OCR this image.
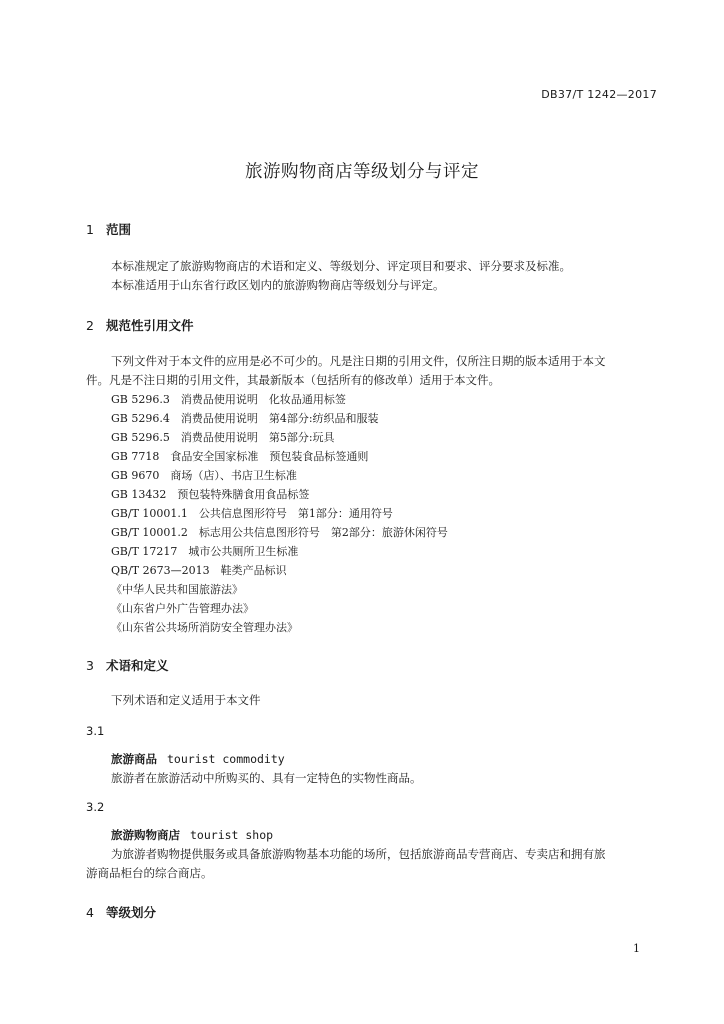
DB37/T 1242—2017
旅游购物商店等级划分与评定
1 范围
本标准规定了旅游购物商店的术语和定义、等级划分、评定项目和要求、评分要求及标准。
本标准适用于山东省行政区划内的旅游购物商店等级划分与评定。
2 规范性引用文件
下列文件对于本文件的应用是必不可少的。凡是注日期的引用文件，仅所注日期的版本适用于本文
件。凡是不注日期的引用文件，其最新版本（包括所有的修改单）适用于本文件。
GB 5296.3　消费品使用说明　化妆品通用标签
GB 5296.4　消费品使用说明　第4部分:纺织品和服装
GB 5296.5　消费品使用说明　第5部分:玩具
GB 7718　食品安全国家标准　预包装食品标签通则
GB 9670　商场（店）、书店卫生标准
GB 13432　预包装特殊膳食用食品标签
GB/T 10001.1　公共信息图形符号　第1部分：通用符号
GB/T 10001.2　标志用公共信息图形符号　第2部分：旅游休闲符号
GB/T 17217　城市公共厕所卫生标准
QB/T 2673—2013　鞋类产品标识
《中华人民共和国旅游法》
《山东省户外广告管理办法》
《山东省公共场所消防安全管理办法》
3 术语和定义
下列术语和定义适用于本文件
3.1
旅游商品 tourist commodity
旅游者在旅游活动中所购买的、具有一定特色的实物性商品。
3.2
旅游购物商店 tourist shop
为旅游者购物提供服务或具备旅游购物基本功能的场所，包括旅游商品专营商店、专卖店和拥有旅
游商品柜台的综合商店。
4 等级划分
1
